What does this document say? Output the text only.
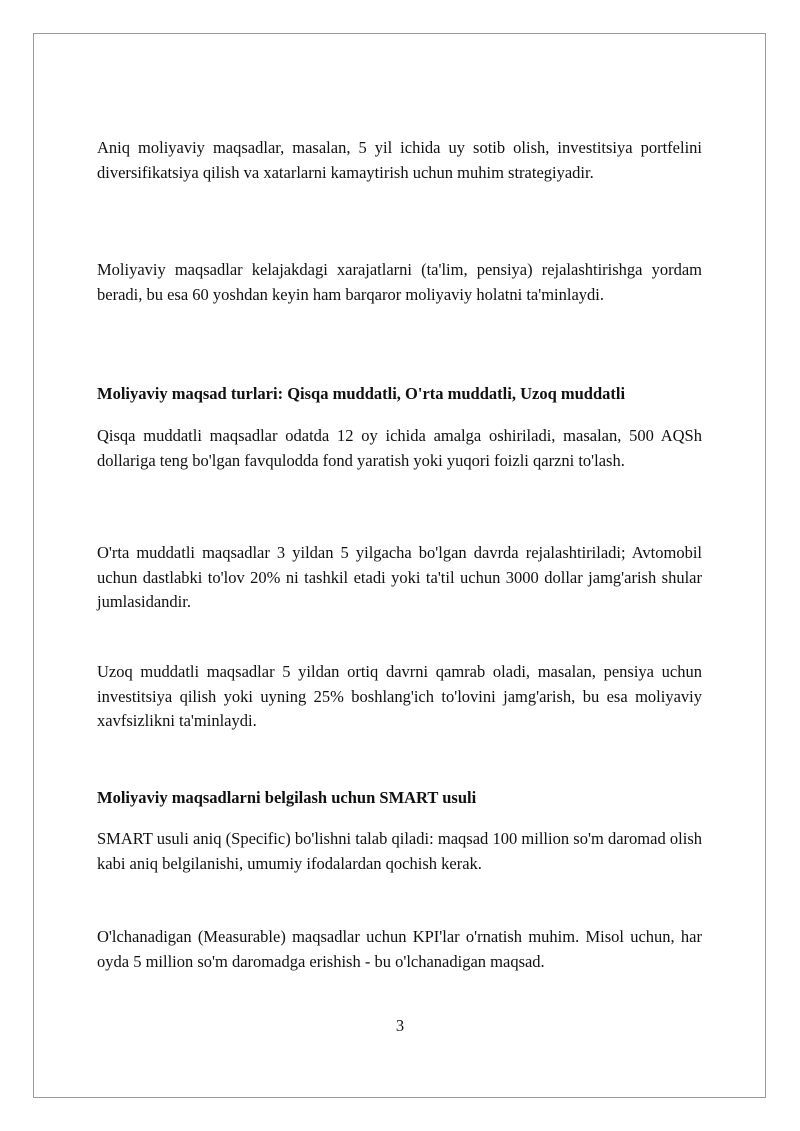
Aniq moliyaviy maqsadlar, masalan, 5 yil ichida uy sotib olish, investitsiya portfelini diversifikatsiya qilish va xatarlarni kamaytirish uchun muhim strategiyadir.

Moliyaviy maqsadlar kelajakdagi xarajatlarni (ta'lim, pensiya) rejalashtirishga yordam beradi, bu esa 60 yoshdan keyin ham barqaror moliyaviy holatni ta'minlaydi.

Moliyaviy maqsad turlari: Qisqa muddatli, O'rta muddatli, Uzoq muddatli

Qisqa muddatli maqsadlar odatda 12 oy ichida amalga oshiriladi, masalan, 500 AQSh dollariga teng bo'lgan favqulodda fond yaratish yoki yuqori foizli qarzni to'lash.

O'rta muddatli maqsadlar 3 yildan 5 yilgacha bo'lgan davrda rejalashtiriladi; Avtomobil uchun dastlabki to'lov 20% ni tashkil etadi yoki ta'til uchun 3000 dollar jamg'arish shular jumlasidandir.

Uzoq muddatli maqsadlar 5 yildan ortiq davrni qamrab oladi, masalan, pensiya uchun investitsiya qilish yoki uyning 25% boshlang'ich to'lovini jamg'arish, bu esa moliyaviy xavfsizlikni ta'minlaydi.

Moliyaviy maqsadlarni belgilash uchun SMART usuli

SMART usuli aniq (Specific) bo'lishni talab qiladi: maqsad 100 million so'm daromad olish kabi aniq belgilanishi, umumiy ifodalardan qochish kerak.

O'lchanadigan (Measurable) maqsadlar uchun KPI'lar o'rnatish muhim. Misol uchun, har oyda 5 million so'm daromadga erishish - bu o'lchanadigan maqsad.

3
